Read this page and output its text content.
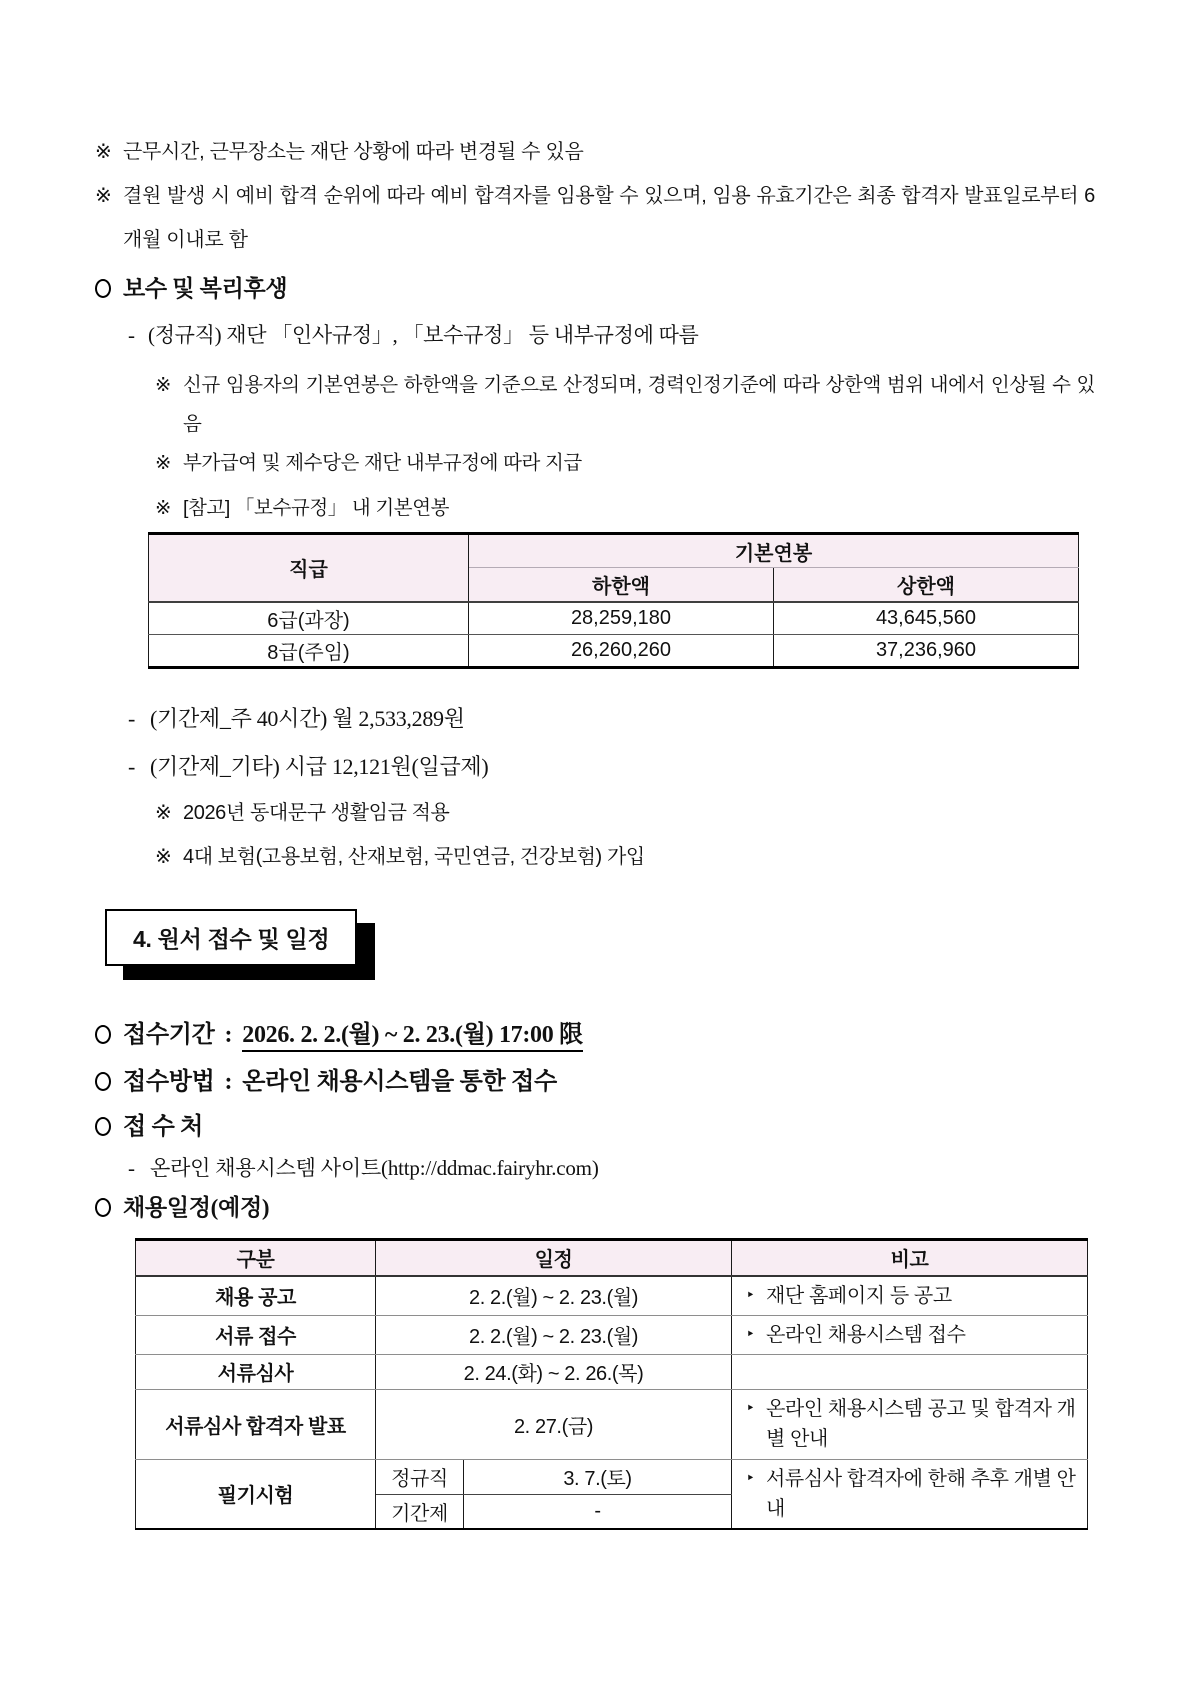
※ 근무시간, 근무장소는 재단 상황에 따라 변경될 수 있음
※ 결원 발생 시 예비 합격 순위에 따라 예비 합격자를 임용할 수 있으며, 임용 유효기간은 최종 합격자 발표일로부터 6개월 이내로 함
보수 및 복리후생
- (정규직) 재단 「인사규정」, 「보수규정」 등 내부규정에 따름
※ 신규 임용자의 기본연봉은 하한액을 기준으로 산정되며, 경력인정기준에 따라 상한액 범위 내에서 인상될 수 있음
※ 부가급여 및 제수당은 재단 내부규정에 따라 지급
※ [참고] 「보수규정」 내 기본연봉
직급	기본연봉	
	하한액	상한액
6급(과장)	28,259,180	43,645,560
8급(주임)	26,260,260	37,236,960
- (기간제_주 40시간) 월 2,533,289원
- (기간제_기타) 시급 12,121원(일급제)
※ 2026년 동대문구 생활임금 적용
※ 4대 보험(고용보험, 산재보험, 국민연금, 건강보험) 가입
4. 원서 접수 및 일정
접수기간 : 2026. 2. 2.(월) ~ 2. 23.(월) 17:00 限
접수방법 : 온라인 채용시스템을 통한 접수
접 수 처
- 온라인 채용시스템 사이트(http://ddmac.fairyhr.com)
채용일정(예정)
구분	일정		비고
채용 공고	2. 2.(월) ~ 2. 23.(월)		‣ 재단 홈페이지 등 공고

서류 접수	2. 2.(월) ~ 2. 23.(월)		‣ 온라인 채용시스템 접수

서류심사	2. 24.(화) ~ 2. 26.(목)		
서류심사 합격자 발표	2. 27.(금)		‣ 온라인 채용시스템 공고 및 합격자 개별 안내

필기시험	정규직	3. 7.(토)	‣ 서류심사 합격자에 한해 추후 개별 안내

	기간제	-	
